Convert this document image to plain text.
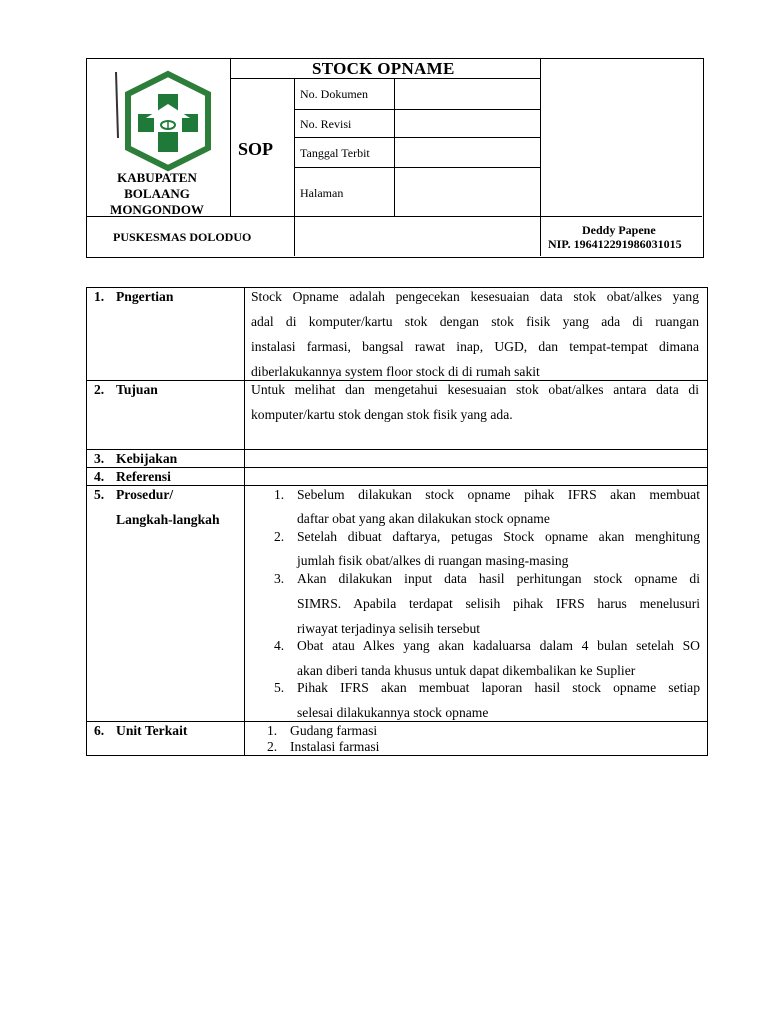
KABUPATEN
BOLAANG
MONGONDOW
STOCK OPNAME
SOP
No. Dokumen
No. Revisi
Tanggal Terbit
Halaman
PUSKESMAS DOLODUO	Deddy Papene
NIP. 196412291986031015
1. Pngertian
2. Tujuan
3. Kebijakan
4. Referensi
5. Prosedur/
Langkah-langkah
6. Unit Terkait
Stock Opname adalah pengecekan kesesuaian data stok obat/alkes yang
adal di komputer/kartu stok dengan stok fisik yang ada di ruangan
instalasi farmasi, bangsal rawat inap, UGD, dan tempat-tempat dimana
diberlakukannya system floor stock di di rumah sakit
Untuk melihat dan mengetahui kesesuaian stok obat/alkes antara data di
komputer/kartu stok dengan stok fisik yang ada.
1. Sebelum dilakukan stock opname pihak IFRS akan membuat
daftar obat yang akan dilakukan stock opname
2. Setelah dibuat daftarya, petugas Stock opname akan menghitung
jumlah fisik obat/alkes di ruangan masing-masing
3. Akan dilakukan input data hasil perhitungan stock opname di
SIMRS. Apabila terdapat selisih pihak IFRS harus menelusuri
riwayat terjadinya selisih tersebut
4. Obat atau Alkes yang akan kadaluarsa dalam 4 bulan setelah SO
akan diberi tanda khusus untuk dapat dikembalikan ke Suplier
5. Pihak IFRS akan membuat laporan hasil stock opname setiap
selesai dilakukannya stock opname
1. Gudang farmasi
2. Instalasi farmasi
